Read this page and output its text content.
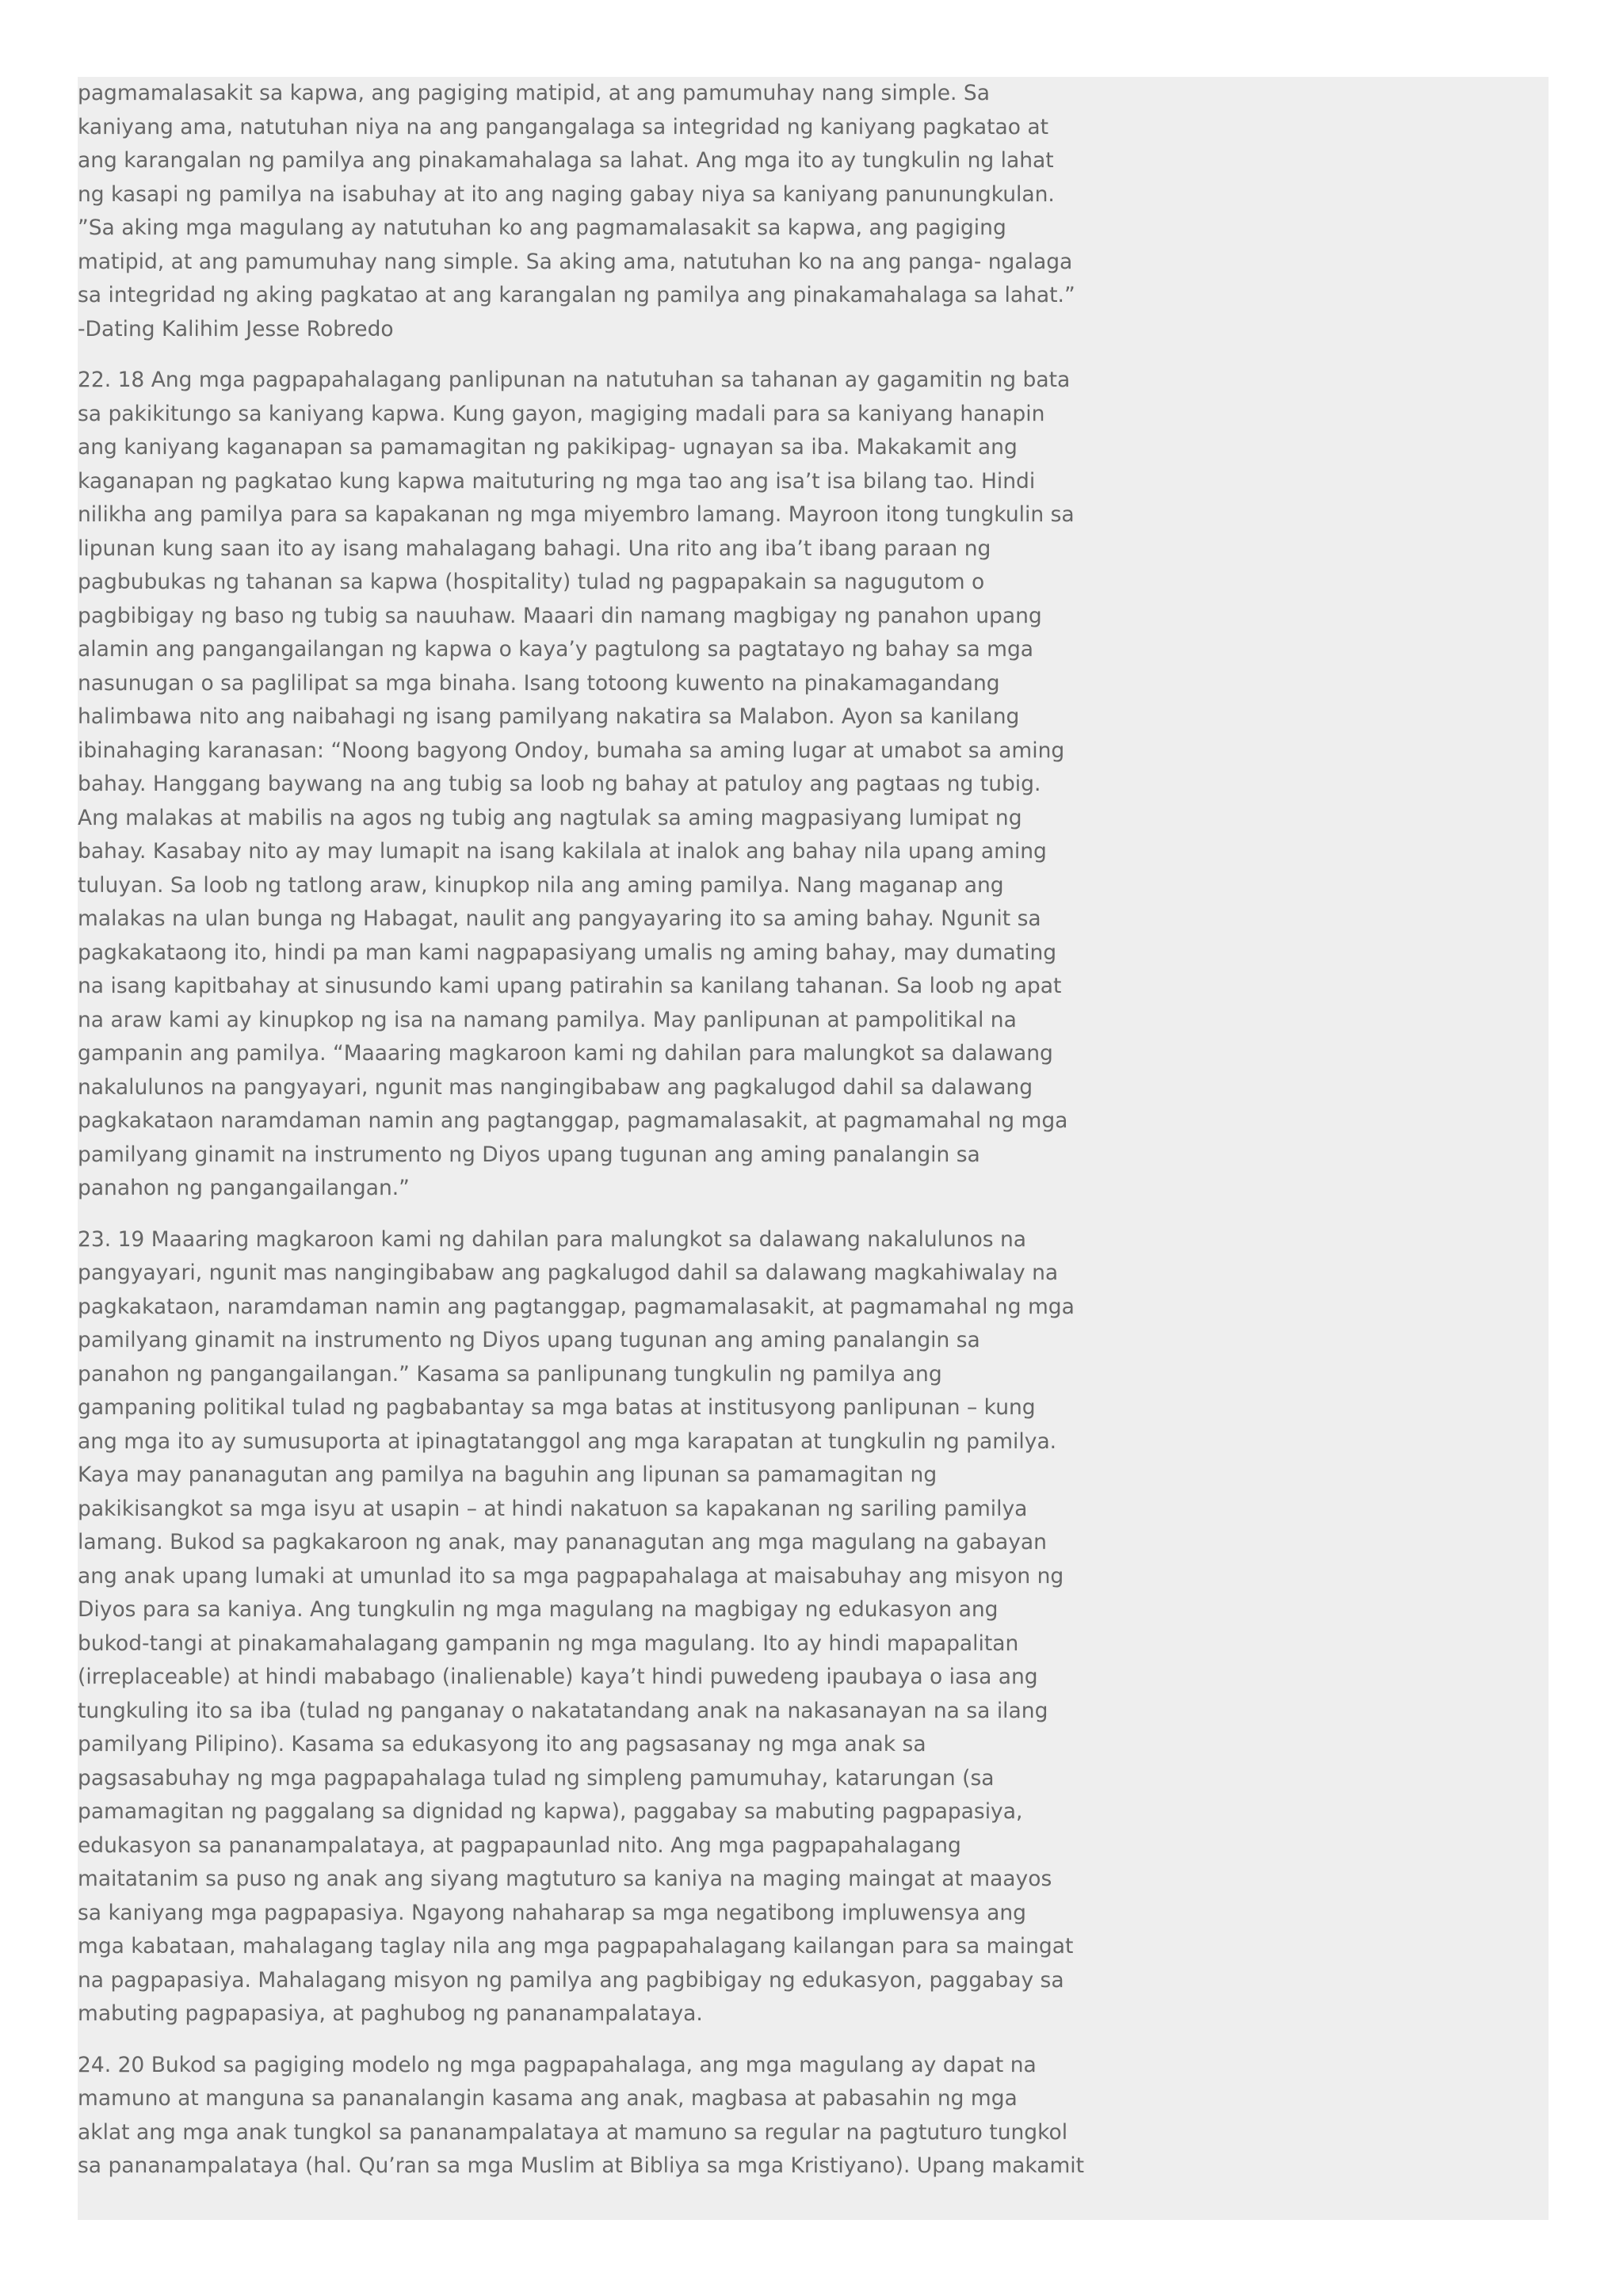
pagmamalasakit sa kapwa, ang pagiging matipid, at ang pamumuhay nang simple. Sa

kaniyang ama, natutuhan niya na ang pangangalaga sa integridad ng kaniyang pagkatao at

ang karangalan ng pamilya ang pinakamahalaga sa lahat. Ang mga ito ay tungkulin ng lahat

ng kasapi ng pamilya na isabuhay at ito ang naging gabay niya sa kaniyang panunungkulan.

”Sa aking mga magulang ay natutuhan ko ang pagmamalasakit sa kapwa, ang pagiging

matipid, at ang pamumuhay nang simple. Sa aking ama, natutuhan ko na ang panga- ngalaga

sa integridad ng aking pagkatao at ang karangalan ng pamilya ang pinakamahalaga sa lahat.”

-Dating Kalihim Jesse Robredo

22. 18 Ang mga pagpapahalagang panlipunan na natutuhan sa tahanan ay gagamitin ng bata

sa pakikitungo sa kaniyang kapwa. Kung gayon, magiging madali para sa kaniyang hanapin

ang kaniyang kaganapan sa pamamagitan ng pakikipag- ugnayan sa iba. Makakamit ang

kaganapan ng pagkatao kung kapwa maituturing ng mga tao ang isa’t isa bilang tao. Hindi

nilikha ang pamilya para sa kapakanan ng mga miyembro lamang. Mayroon itong tungkulin sa

lipunan kung saan ito ay isang mahalagang bahagi. Una rito ang iba’t ibang paraan ng

pagbubukas ng tahanan sa kapwa (hospitality) tulad ng pagpapakain sa nagugutom o

pagbibigay ng baso ng tubig sa nauuhaw. Maaari din namang magbigay ng panahon upang

alamin ang pangangailangan ng kapwa o kaya’y pagtulong sa pagtatayo ng bahay sa mga

nasunugan o sa paglilipat sa mga binaha. Isang totoong kuwento na pinakamagandang

halimbawa nito ang naibahagi ng isang pamilyang nakatira sa Malabon. Ayon sa kanilang

ibinahaging karanasan: “Noong bagyong Ondoy, bumaha sa aming lugar at umabot sa aming

bahay. Hanggang baywang na ang tubig sa loob ng bahay at patuloy ang pagtaas ng tubig.

Ang malakas at mabilis na agos ng tubig ang nagtulak sa aming magpasiyang lumipat ng

bahay. Kasabay nito ay may lumapit na isang kakilala at inalok ang bahay nila upang aming

tuluyan. Sa loob ng tatlong araw, kinupkop nila ang aming pamilya. Nang maganap ang

malakas na ulan bunga ng Habagat, naulit ang pangyayaring ito sa aming bahay. Ngunit sa

pagkakataong ito, hindi pa man kami nagpapasiyang umalis ng aming bahay, may dumating

na isang kapitbahay at sinusundo kami upang patirahin sa kanilang tahanan. Sa loob ng apat

na araw kami ay kinupkop ng isa na namang pamilya. May panlipunan at pampolitikal na

gampanin ang pamilya. “Maaaring magkaroon kami ng dahilan para malungkot sa dalawang

nakalulunos na pangyayari, ngunit mas nangingibabaw ang pagkalugod dahil sa dalawang

pagkakataon naramdaman namin ang pagtanggap, pagmamalasakit, at pagmamahal ng mga

pamilyang ginamit na instrumento ng Diyos upang tugunan ang aming panalangin sa

panahon ng pangangailangan.”

23. 19 Maaaring magkaroon kami ng dahilan para malungkot sa dalawang nakalulunos na

pangyayari, ngunit mas nangingibabaw ang pagkalugod dahil sa dalawang magkahiwalay na

pagkakataon, naramdaman namin ang pagtanggap, pagmamalasakit, at pagmamahal ng mga

pamilyang ginamit na instrumento ng Diyos upang tugunan ang aming panalangin sa

panahon ng pangangailangan.” Kasama sa panlipunang tungkulin ng pamilya ang

gampaning politikal tulad ng pagbabantay sa mga batas at institusyong panlipunan – kung

ang mga ito ay sumusuporta at ipinagtatanggol ang mga karapatan at tungkulin ng pamilya.

Kaya may pananagutan ang pamilya na baguhin ang lipunan sa pamamagitan ng

pakikisangkot sa mga isyu at usapin – at hindi nakatuon sa kapakanan ng sariling pamilya

lamang. Bukod sa pagkakaroon ng anak, may pananagutan ang mga magulang na gabayan

ang anak upang lumaki at umunlad ito sa mga pagpapahalaga at maisabuhay ang misyon ng

Diyos para sa kaniya. Ang tungkulin ng mga magulang na magbigay ng edukasyon ang

bukod-tangi at pinakamahalagang gampanin ng mga magulang. Ito ay hindi mapapalitan

(irreplaceable) at hindi mababago (inalienable) kaya’t hindi puwedeng ipaubaya o iasa ang

tungkuling ito sa iba (tulad ng panganay o nakatatandang anak na nakasanayan na sa ilang

pamilyang Pilipino). Kasama sa edukasyong ito ang pagsasanay ng mga anak sa

pagsasabuhay ng mga pagpapahalaga tulad ng simpleng pamumuhay, katarungan (sa

pamamagitan ng paggalang sa dignidad ng kapwa), paggabay sa mabuting pagpapasiya,

edukasyon sa pananampalataya, at pagpapaunlad nito. Ang mga pagpapahalagang

maitatanim sa puso ng anak ang siyang magtuturo sa kaniya na maging maingat at maayos

sa kaniyang mga pagpapasiya. Ngayong nahaharap sa mga negatibong impluwensya ang

mga kabataan, mahalagang taglay nila ang mga pagpapahalagang kailangan para sa maingat

na pagpapasiya. Mahalagang misyon ng pamilya ang pagbibigay ng edukasyon, paggabay sa

mabuting pagpapasiya, at paghubog ng pananampalataya.

24. 20 Bukod sa pagiging modelo ng mga pagpapahalaga, ang mga magulang ay dapat na

mamuno at manguna sa pananalangin kasama ang anak, magbasa at pabasahin ng mga

aklat ang mga anak tungkol sa pananampalataya at mamuno sa regular na pagtuturo tungkol

sa pananampalataya (hal. Qu’ran sa mga Muslim at Bibliya sa mga Kristiyano). Upang makamit
